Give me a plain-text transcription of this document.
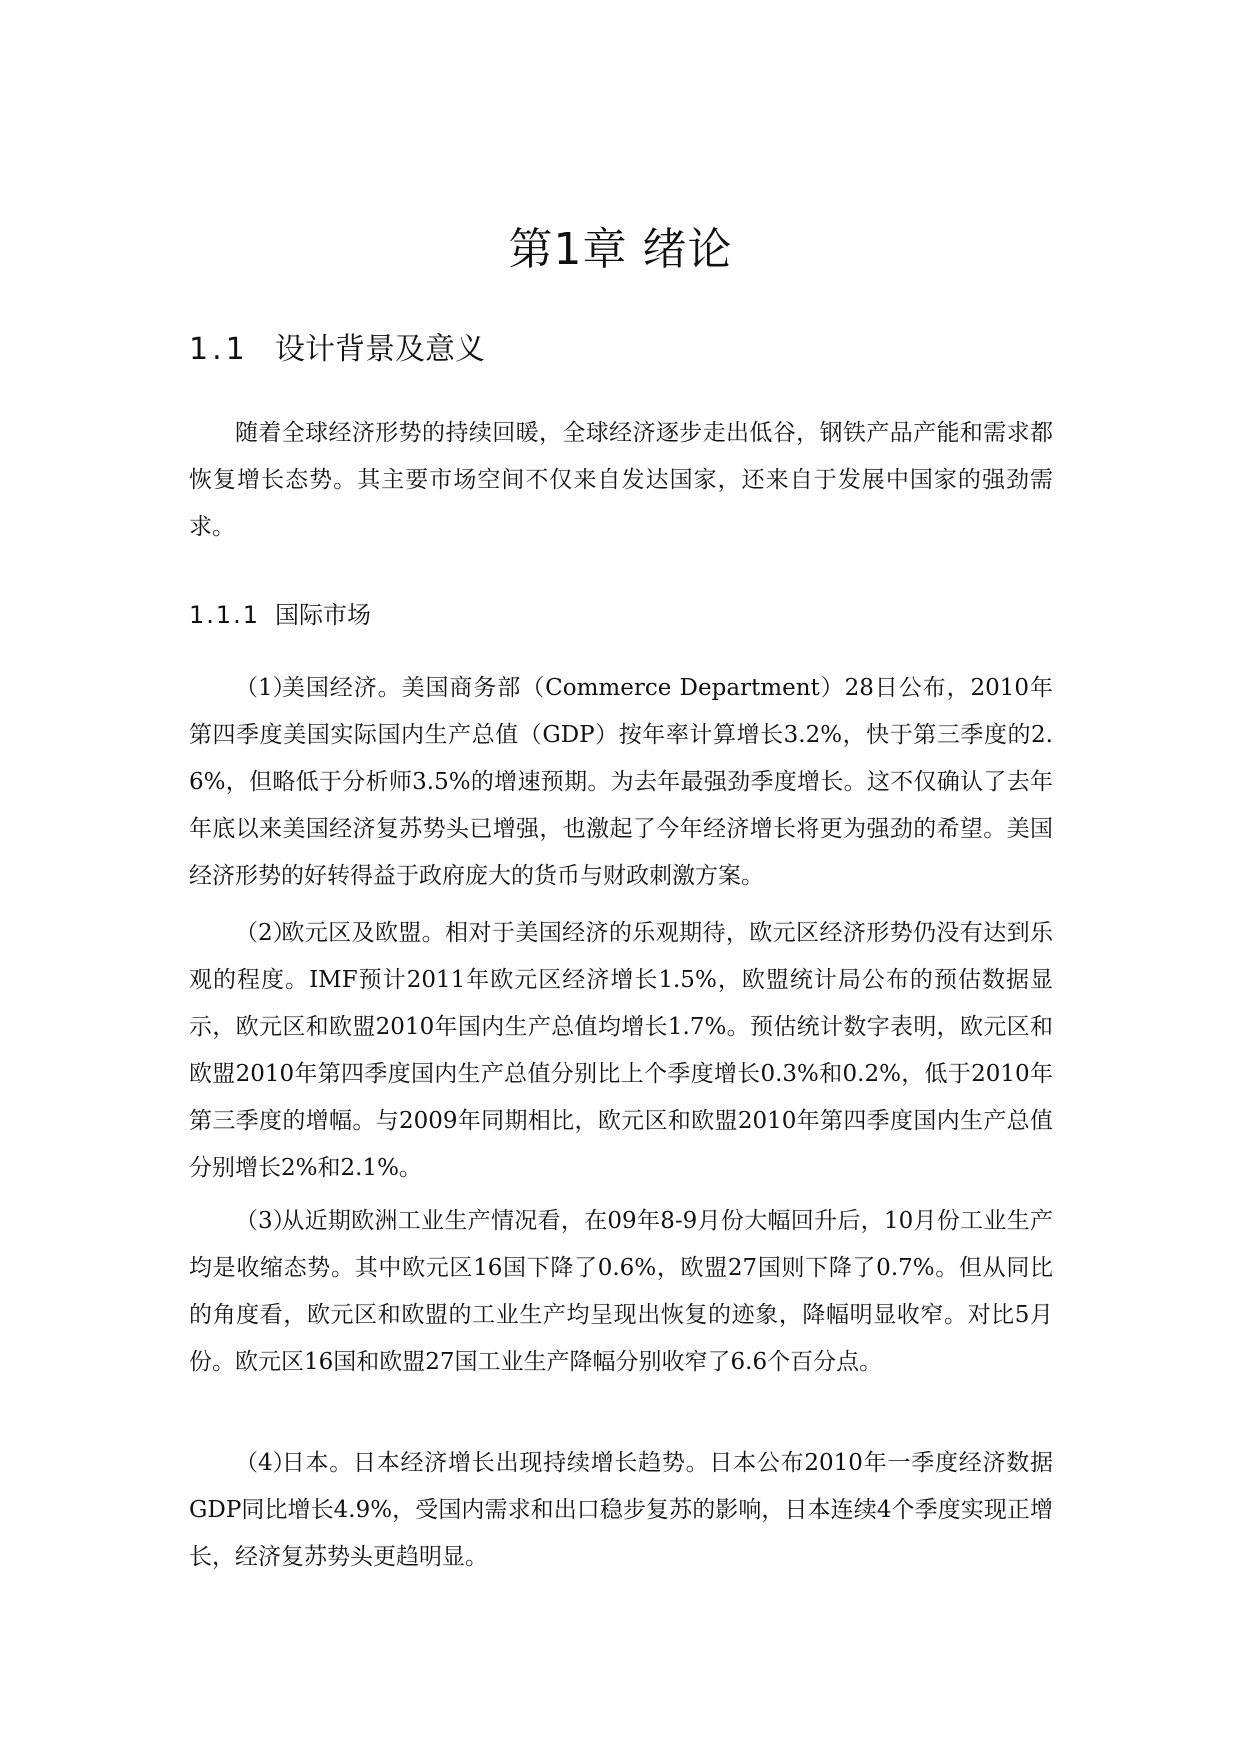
第1章 绪论
1.1 设计背景及意义

随着全球经济形势的持续回暖，全球经济逐步走出低谷，钢铁产品产能和需求都恢复增长态势。其主要市场空间不仅来自发达国家，还来自于发展中国家的强劲需求。

1.1.1 国际市场

（1）美国经济。美国商务部（Commerce Department）28日公布，2010年第四季度美国实际国内生产总值（GDP）按年率计算增长3.2%，快于第三季度的2.6%，但略低于分析师3.5%的增速预期。为去年最强劲季度增长。这不仅确认了去年年底以来美国经济复苏势头已增强，也激起了今年经济增长将更为强劲的希望。美国经济形势的好转得益于政府庞大的货币与财政刺激方案。

（2）欧元区及欧盟。相对于美国经济的乐观期待，欧元区经济形势仍没有达到乐观的程度。IMF预计2011年欧元区经济增长1.5%，欧盟统计局公布的预估数据显示，欧元区和欧盟2010年国内生产总值均增长1.7%。预估统计数字表明，欧元区和欧盟2010年第四季度国内生产总值分别比上个季度增长0.3%和0.2%，低于2010年第三季度的增幅。与2009年同期相比，欧元区和欧盟2010年第四季度国内生产总值分别增长2%和2.1%。

（3）从近期欧洲工业生产情况看，在09年8-9月份大幅回升后，10月份工业生产均是收缩态势。其中欧元区16国下降了0.6%，欧盟27国则下降了0.7%。但从同比的角度看，欧元区和欧盟的工业生产均呈现出恢复的迹象，降幅明显收窄。对比5月份。欧元区16国和欧盟27国工业生产降幅分别收窄了6.6个百分点。

（4）日本。日本经济增长出现持续增长趋势。日本公布2010年一季度经济数据 GDP同比增长4.9%，受国内需求和出口稳步复苏的影响，日本连续4个季度实现正增长，经济复苏势头更趋明显。
